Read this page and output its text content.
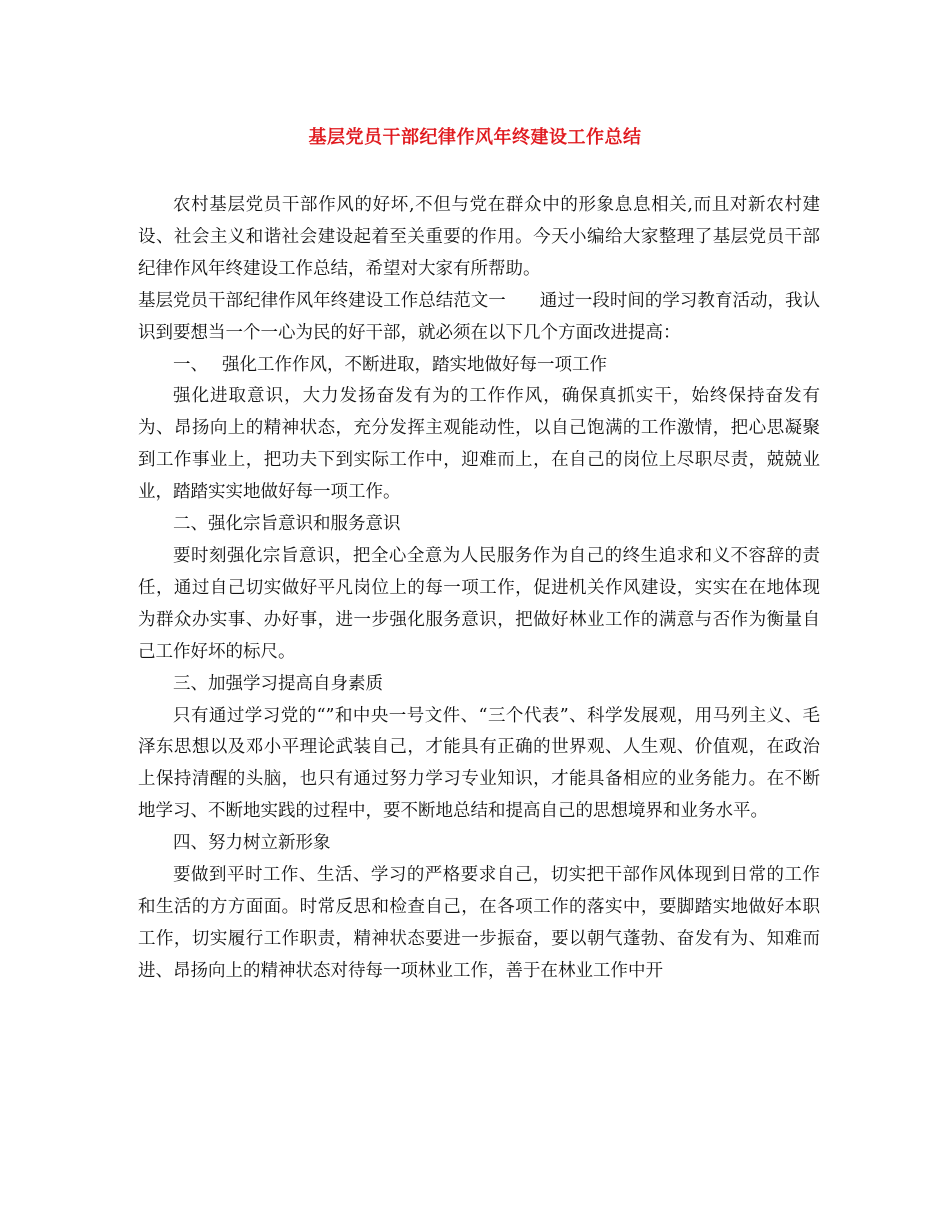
基层党员干部纪律作风年终建设工作总结

农村基层党员干部作风的好坏,不但与党在群众中的形象息息相关,而且对新农村建设、社会主义和谐社会建设起着至关重要的作用。今天小编给大家整理了基层党员干部纪律作风年终建设工作总结，希望对大家有所帮助。

基层党员干部纪律作风年终建设工作总结范文一 通过一段时间的学习教育活动，我认识到要想当一个一心为民的好干部，就必须在以下几个方面改进提高：

一、 强化工作作风，不断进取，踏实地做好每一项工作

强化进取意识，大力发扬奋发有为的工作作风，确保真抓实干，始终保持奋发有为、昂扬向上的精神状态，充分发挥主观能动性，以自己饱满的工作激情，把心思凝聚到工作事业上，把功夫下到实际工作中，迎难而上，在自己的岗位上尽职尽责，兢兢业业，踏踏实实地做好每一项工作。

二、强化宗旨意识和服务意识

要时刻强化宗旨意识，把全心全意为人民服务作为自己的终生追求和义不容辞的责任，通过自己切实做好平凡岗位上的每一项工作，促进机关作风建设，实实在在地体现为群众办实事、办好事，进一步强化服务意识，把做好林业工作的满意与否作为衡量自己工作好坏的标尺。

三、加强学习提高自身素质

只有通过学习党的“”和中央一号文件、“三个代表”、科学发展观，用马列主义、毛泽东思想以及邓小平理论武装自己，才能具有正确的世界观、人生观、价值观，在政治上保持清醒的头脑，也只有通过努力学习专业知识，才能具备相应的业务能力。在不断地学习、不断地实践的过程中，要不断地总结和提高自己的思想境界和业务水平。

四、努力树立新形象

要做到平时工作、生活、学习的严格要求自己，切实把干部作风体现到日常的工作和生活的方方面面。时常反思和检查自己，在各项工作的落实中，要脚踏实地做好本职工作，切实履行工作职责，精神状态要进一步振奋，要以朝气蓬勃、奋发有为、知难而进、昂扬向上的精神状态对待每一项林业工作，善于在林业工作中开
